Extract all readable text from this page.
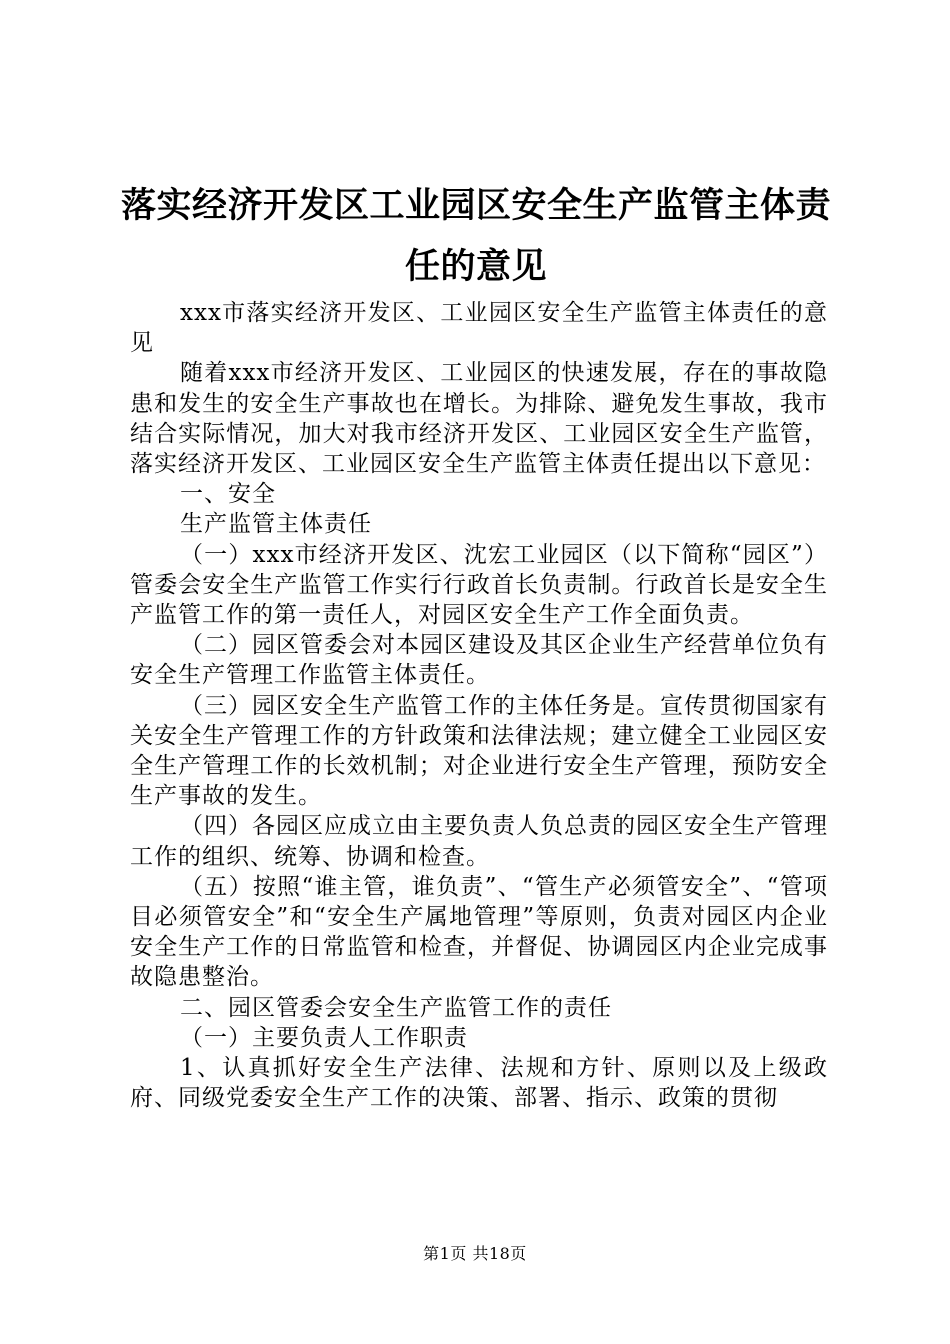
落实经济开发区工业园区安全生产监管主体责
任的意见

xxx市落实经济开发区、工业园区安全生产监管主体责任的意见

随着xxx市经济开发区、工业园区的快速发展，存在的事故隐患和发生的安全生产事故也在增长。为排除、避免发生事故，我市结合实际情况，加大对我市经济开发区、工业园区安全生产监管，落实经济开发区、工业园区安全生产监管主体责任提出以下意见：

一、安全

生产监管主体责任

（一）xxx市经济开发区、沈宏工业园区（以下简称“园区”）管委会安全生产监管工作实行行政首长负责制。行政首长是安全生产监管工作的第一责任人，对园区安全生产工作全面负责。

（二）园区管委会对本园区建设及其区企业生产经营单位负有安全生产管理工作监管主体责任。

（三）园区安全生产监管工作的主体任务是。宣传贯彻国家有关安全生产管理工作的方针政策和法律法规；建立健全工业园区安全生产管理工作的长效机制；对企业进行安全生产管理，预防安全生产事故的发生。

（四）各园区应成立由主要负责人负总责的园区安全生产管理工作的组织、统筹、协调和检查。

（五）按照“谁主管，谁负责”、“管生产必须管安全”、“管项目必须管安全”和“安全生产属地管理”等原则，负责对园区内企业安全生产工作的日常监管和检查，并督促、协调园区内企业完成事故隐患整治。

二、园区管委会安全生产监管工作的责任

（一）主要负责人工作职责

1、认真抓好安全生产法律、法规和方针、原则以及上级政府、同级党委安全生产工作的决策、部署、指示、政策的贯彻

第1页 共18页
